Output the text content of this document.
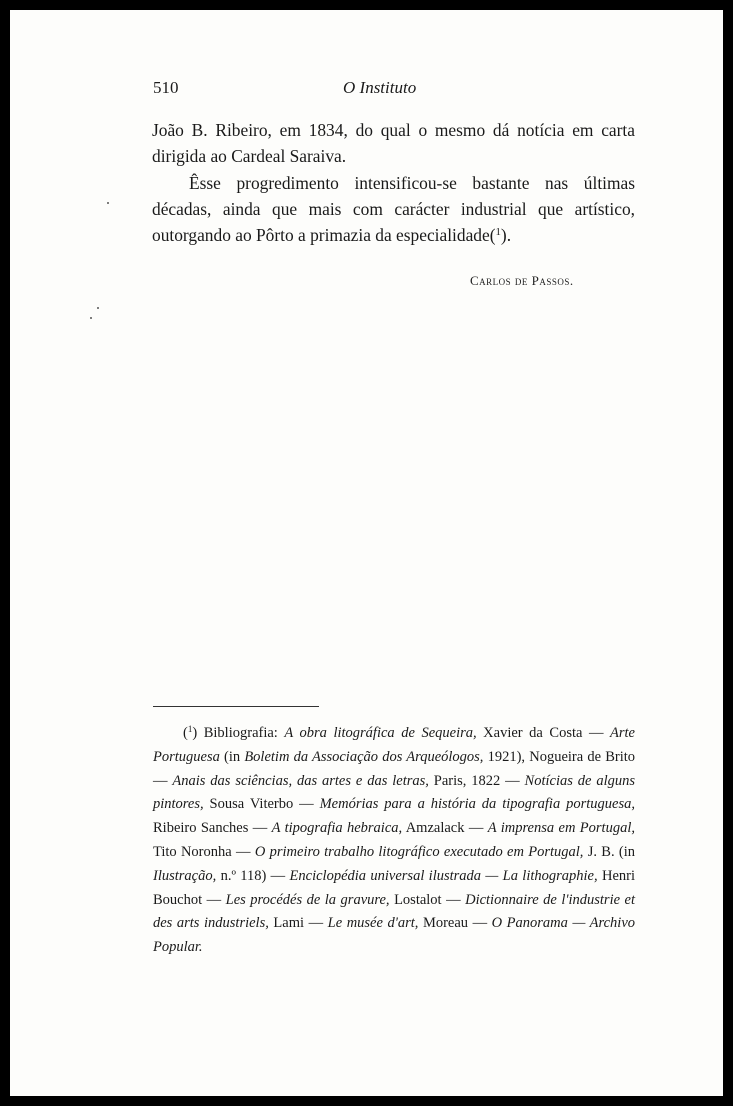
510	O Instituto

João B. Ribeiro, em 1834, do qual o mesmo dá notícia em carta dirigida ao Cardeal Saraiva.

Êsse progredimento intensificou-se bastante nas últimas décadas, ainda que mais com carácter industrial que artístico, outorgando ao Pôrto a primazia da especialidade($^1$).

Carlos de Passos.

($^1$) Bibliografia: A obra litográfica de Sequeira, Xavier da Costa — Arte Portuguesa (in Boletim da Associação dos Arqueólogos, 1921), Nogueira de Brito — Anais das sciências, das artes e das letras, Paris, 1822 — Notícias de alguns pintores, Sousa Viterbo — Memórias para a história da tipografia portuguesa, Ribeiro Sanches — A tipografia hebraica, Amzalack — A imprensa em Portugal, Tito Noronha — O primeiro trabalho litográfico executado em Portugal, J. B. (in Ilustração, n.º 118) — Enciclopédia universal ilustrada — La lithographie, Henri Bouchot — Les procédés de la gravure, Lostalot — Dictionnaire de l'industrie et des arts industriels, Lami — Le musée d'art, Moreau — O Panorama — Archivo Popular.
